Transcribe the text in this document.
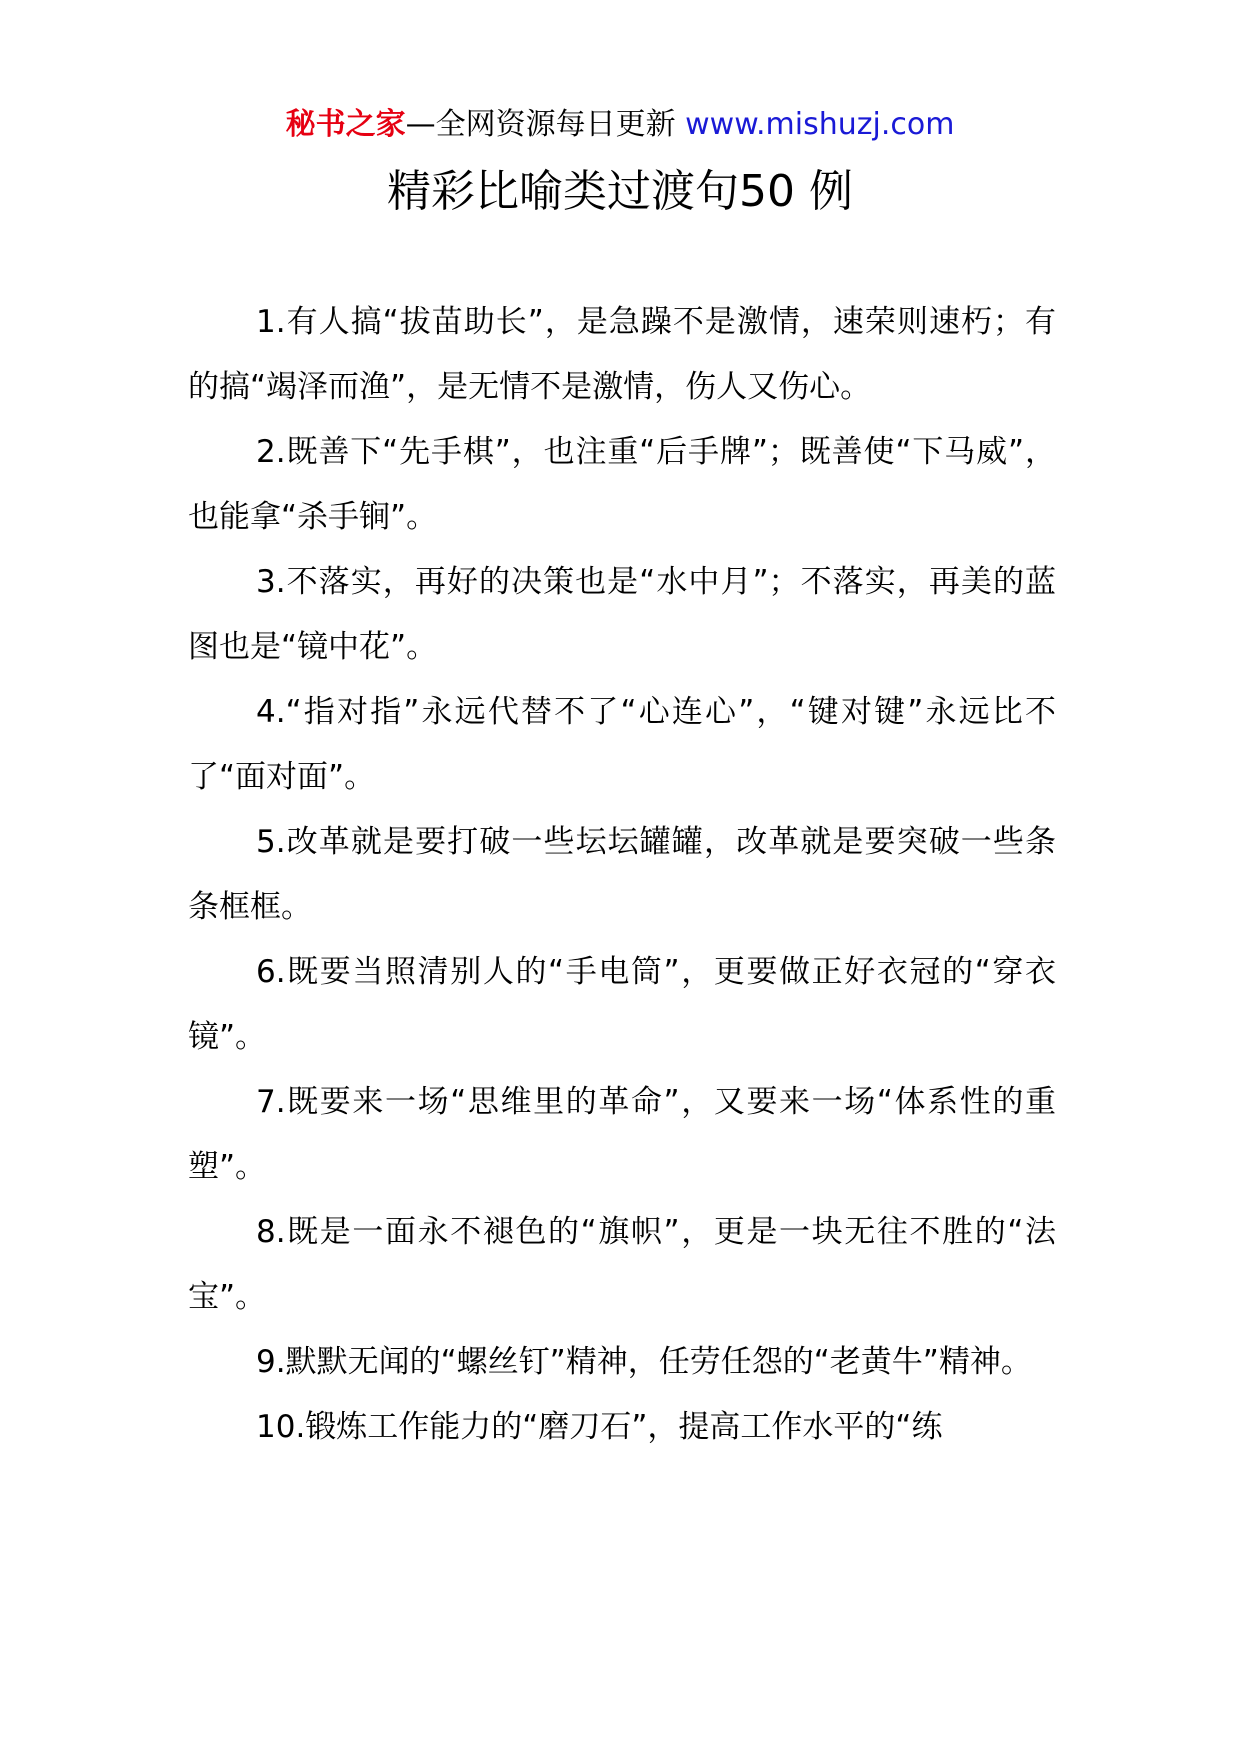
秘书之家—全网资源每日更新 www.mishuzj.com
精彩比喻类过渡句50 例

1.有人搞“拔苗助长”，是急躁不是激情，速荣则速朽；有的搞“竭泽而渔”，是无情不是激情，伤人又伤心。

2.既善下“先手棋”，也注重“后手牌”；既善使“下马威”，也能拿“杀手锏”。

3.不落实，再好的决策也是“水中月”；不落实，再美的蓝图也是“镜中花”。

4.“指对指”永远代替不了“心连心”，“键对键”永远比不了“面对面”。

5.改革就是要打破一些坛坛罐罐，改革就是要突破一些条条框框。

6.既要当照清别人的“手电筒”，更要做正好衣冠的“穿衣镜”。

7.既要来一场“思维里的革命”，又要来一场“体系性的重塑”。

8.既是一面永不褪色的“旗帜”，更是一块无往不胜的“法宝”。

9.默默无闻的“螺丝钉”精神，任劳任怨的“老黄牛”精神。

10.锻炼工作能力的“磨刀石”，提高工作水平的“练
